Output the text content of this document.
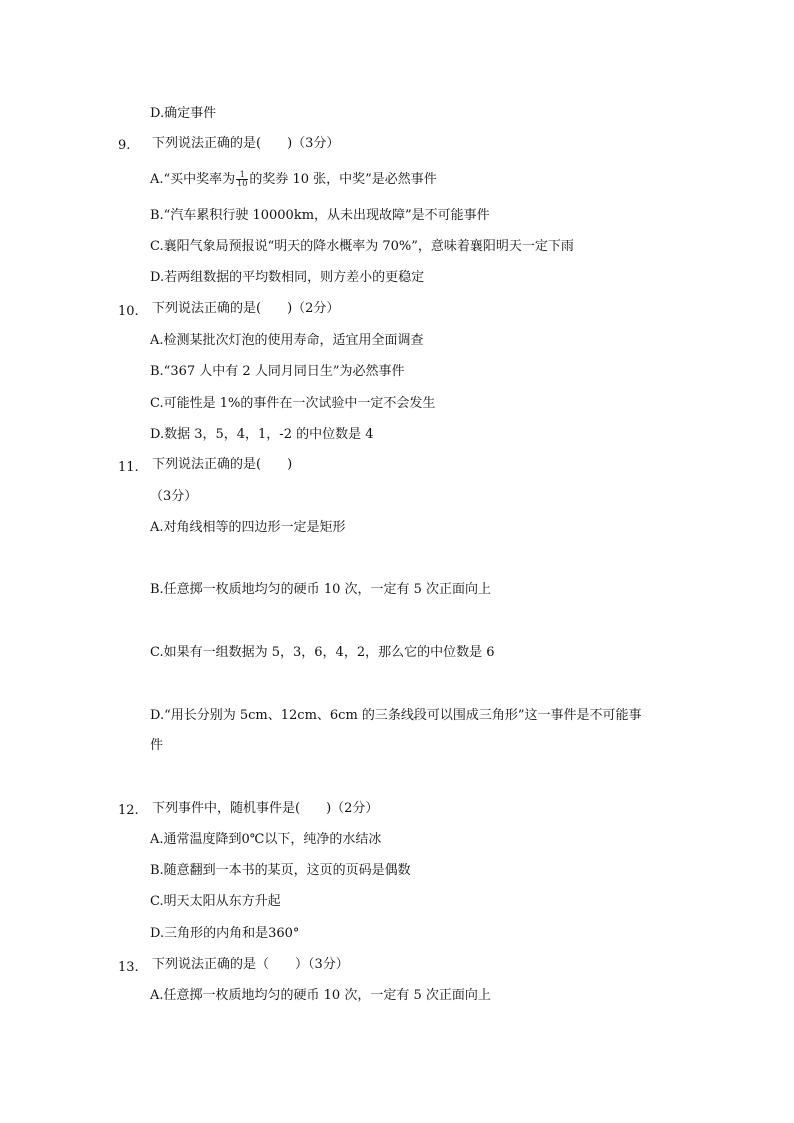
D.确定事件
9. 下列说法正确的是(　　)（3分）
A.“买中奖率为 $\frac{1}{10}$ 的奖券 10 张，中奖”是必然事件
B.“汽车累积行驶 10000km，从未出现故障”是不可能事件
C.襄阳气象局预报说“明天的降水概率为 70%”，意味着襄阳明天一定下雨
D.若两组数据的平均数相同，则方差小的更稳定
10. 下列说法正确的是(　　)（2分）
A.检测某批次灯泡的使用寿命，适宜用全面调查
B.“367 人中有 2 人同月同日生”为必然事件
C.可能性是 1%的事件在一次试验中一定不会发生
D.数据 3，5，4，1，-2 的中位数是 4
11. 下列说法正确的是(　　)
（3分）
A.对角线相等的四边形一定是矩形
B.任意掷一枚质地均匀的硬币 10 次，一定有 5 次正面向上
C.如果有一组数据为 5，3，6，4，2，那么它的中位数是 6
D.“用长分别为 5cm、12cm、6cm 的三条线段可以围成三角形”这一事件是不可能事
件
12. 下列事件中，随机事件是(　　)（2分）
A.通常温度降到0℃以下，纯净的水结冰
B.随意翻到一本书的某页，这页的页码是偶数
C.明天太阳从东方升起
D.三角形的内角和是360°
13. 下列说法正确的是（　　）（3分）
A.任意掷一枚质地均匀的硬币 10 次，一定有 5 次正面向上
